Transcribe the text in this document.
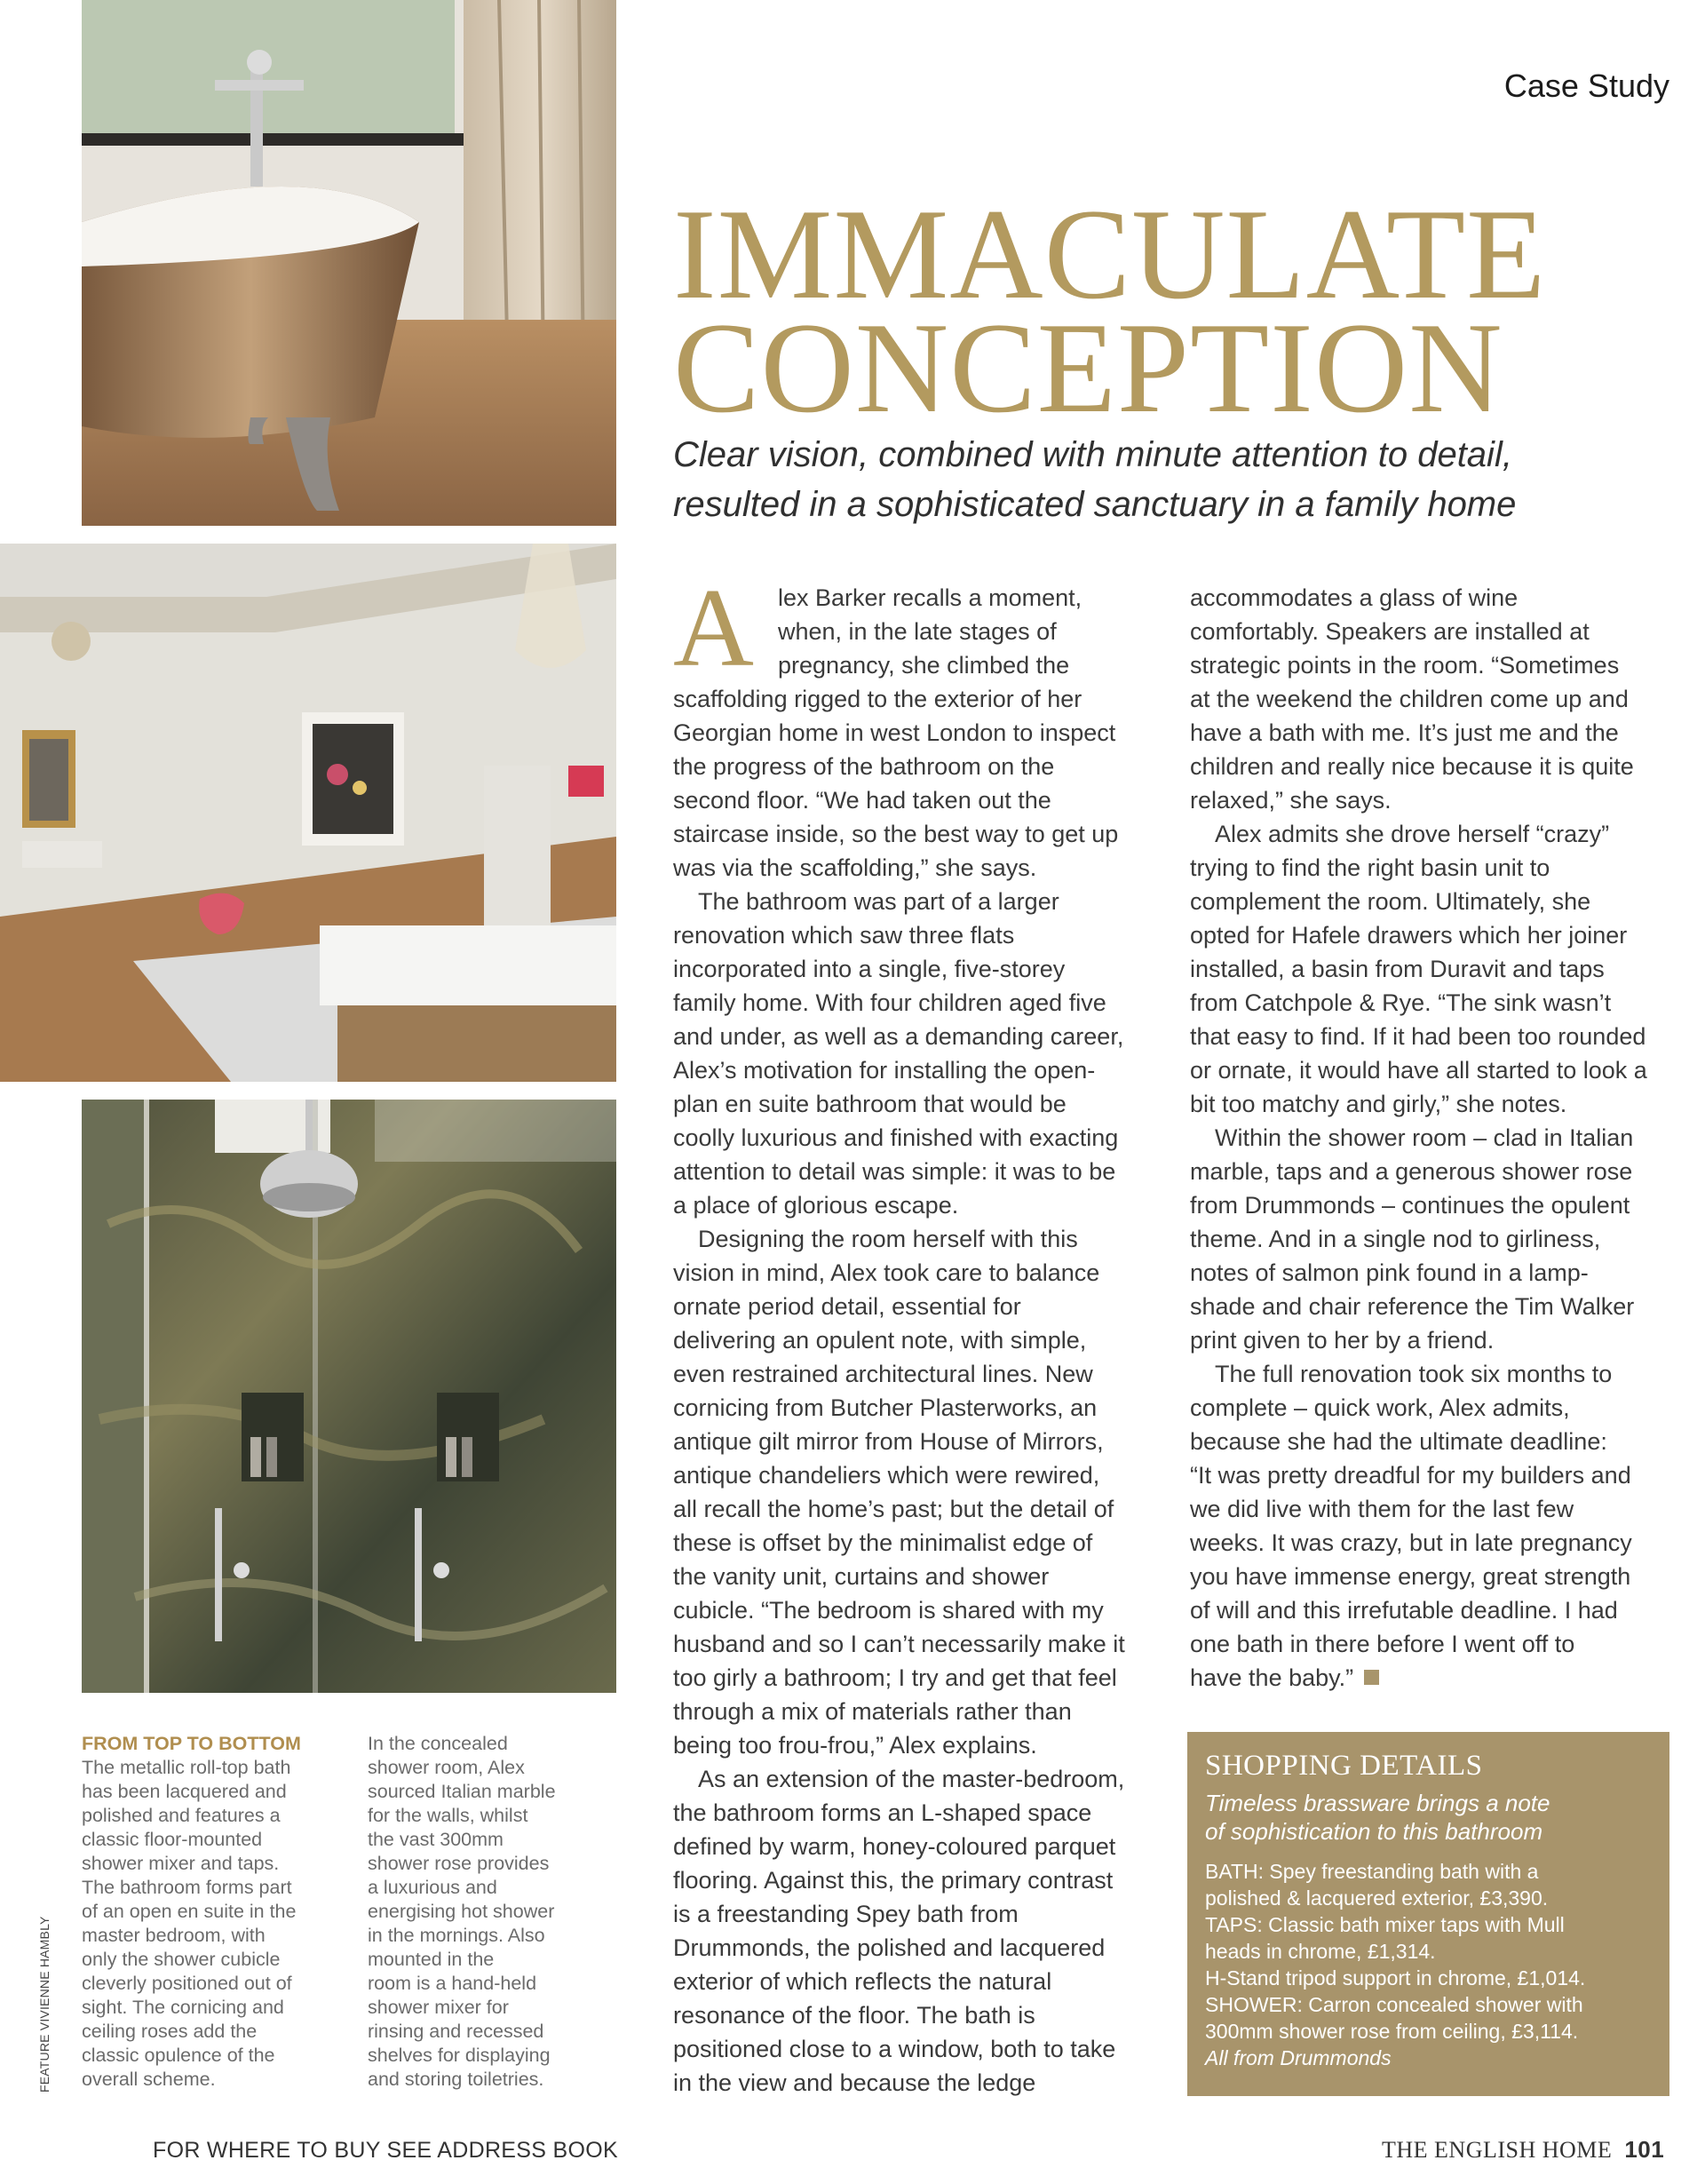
Case Study
IMMACULATE
CONCEPTION
Clear vision, combined with minute attention to detail,
resulted in a sophisticated sanctuary in a family home
A	lex Barker recalls a moment,
when, in the late stages of
pregnancy, she climbed the
scaffolding rigged to the exterior of her
Georgian home in west London to inspect
the progress of the bathroom on the
second floor. “We had taken out the
staircase inside, so the best way to get up
was via the scaffolding,” she says.
The bathroom was part of a larger
renovation which saw three flats
incorporated into a single, five-storey
family home. With four children aged five
and under, as well as a demanding career,
Alex’s motivation for installing the open-
plan en suite bathroom that would be
coolly luxurious and finished with exacting
attention to detail was simple: it was to be
a place of glorious escape.
Designing the room herself with this
vision in mind, Alex took care to balance
ornate period detail, essential for
delivering an opulent note, with simple,
even restrained architectural lines. New
cornicing from Butcher Plasterworks, an
antique gilt mirror from House of Mirrors,
antique chandeliers which were rewired,
all recall the home’s past; but the detail of
these is offset by the minimalist edge of
the vanity unit, curtains and shower
cubicle. “The bedroom is shared with my
husband and so I can’t necessarily make it
too girly a bathroom; I try and get that feel
through a mix of materials rather than
being too frou-frou,” Alex explains.
As an extension of the master-bedroom,
the bathroom forms an L-shaped space
defined by warm, honey-coloured parquet
flooring. Against this, the primary contrast
is a freestanding Spey bath from
Drummonds, the polished and lacquered
exterior of which reflects the natural
resonance of the floor. The bath is
positioned close to a window, both to take
in the view and because the ledge
accommodates a glass of wine
comfortably. Speakers are installed at
strategic points in the room. “Sometimes
at the weekend the children come up and
have a bath with me. It’s just me and the
children and really nice because it is quite
relaxed,” she says.
Alex admits she drove herself “crazy”
trying to find the right basin unit to
complement the room. Ultimately, she
opted for Hafele drawers which her joiner
installed, a basin from Duravit and taps
from Catchpole & Rye. “The sink wasn’t
that easy to find. If it had been too rounded
or ornate, it would have all started to look a
bit too matchy and girly,” she notes.
Within the shower room – clad in Italian
marble, taps and a generous shower rose
from Drummonds – continues the opulent
theme. And in a single nod to girliness,
notes of salmon pink found in a lamp-
shade and chair reference the Tim Walker
print given to her by a friend.
The full renovation took six months to
complete – quick work, Alex admits,
because she had the ultimate deadline:
“It was pretty dreadful for my builders and
we did live with them for the last few
weeks. It was crazy, but in late pregnancy
you have immense energy, great strength
of will and this irrefutable deadline. I had
one bath in there before I went off to
have the baby.”
FROM TOP TO BOTTOM
The metallic roll-top bath
has been lacquered and
polished and features a
classic floor-mounted
shower mixer and taps.
The bathroom forms part
of an open en suite in the
master bedroom, with
only the shower cubicle
cleverly positioned out of
sight. The cornicing and
ceiling roses add the
classic opulence of the
overall scheme.
In the concealed
shower room, Alex
sourced Italian marble
for the walls, whilst
the vast 300mm
shower rose provides
a luxurious and
energising hot shower
in the mornings. Also
mounted in the
room is a hand-held
shower mixer for
rinsing and recessed
shelves for displaying
and storing toiletries.
FEATURE VIVIENNE HAMBLY
SHOPPING DETAILS
Timeless brassware brings a note
of sophistication to this bathroom
BATH: Spey freestanding bath with a
polished & lacquered exterior, £3,390.
TAPS: Classic bath mixer taps with Mull
heads in chrome, £1,314.
H-Stand tripod support in chrome, £1,014.
SHOWER: Carron concealed shower with
300mm shower rose from ceiling, £3,114.
All from Drummonds
FOR WHERE TO BUY SEE ADDRESS BOOK	THE ENGLISH HOME 101
